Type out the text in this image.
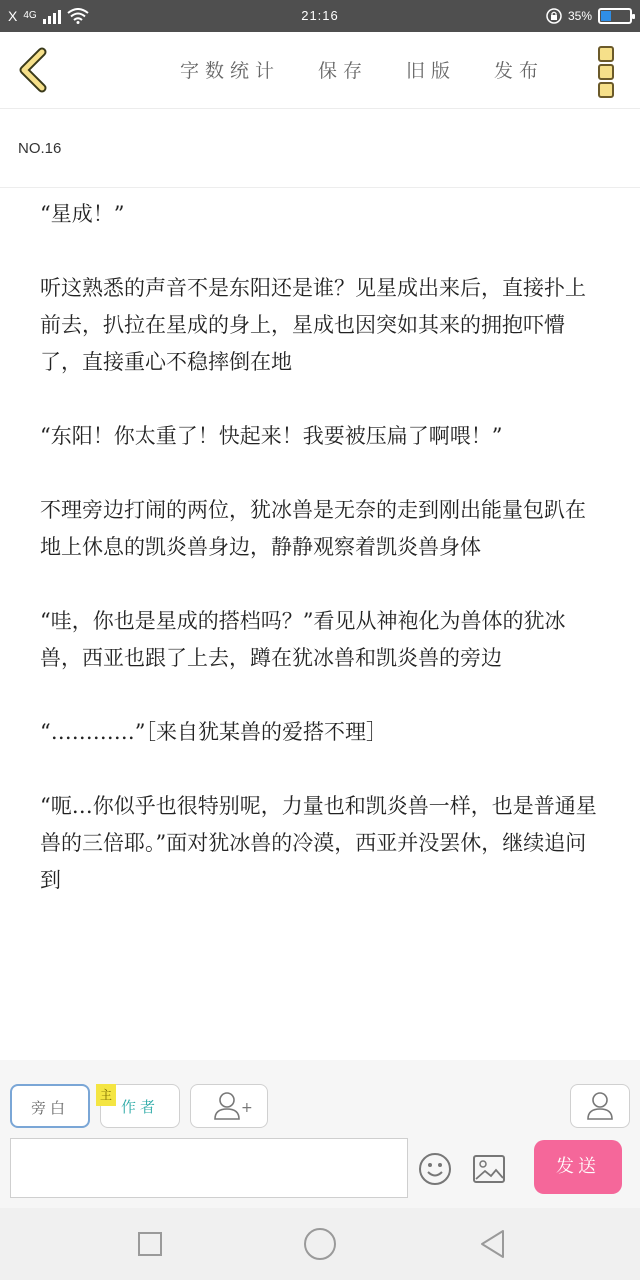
X 4G	21:16	35%
字数统计 保存 旧版 发布
NO.16

“星成！”

听这熟悉的声音不是东阳还是谁？见星成出来后，直接扑上前去，扒拉在星成的身上，星成也因突如其来的拥抱吓懵了，直接重心不稳摔倒在地

“东阳！你太重了！快起来！我要被压扁了啊喂！”

不理旁边打闹的两位，犹冰兽是无奈的走到刚出能量包趴在地上休息的凯炎兽身边，静静观察着凯炎兽身体

“哇，你也是星成的搭档吗？”看见从神袍化为兽体的犹冰兽，西亚也跟了上去，蹲在犹冰兽和凯炎兽的旁边

“…………”［来自犹某兽的爱搭不理］

“呃…你似乎也很特别呢，力量也和凯炎兽一样，也是普通星兽的三倍耶。”面对犹冰兽的冷漠，西亚并没罢休，继续追问到

旁白	作者
主
+
发送
